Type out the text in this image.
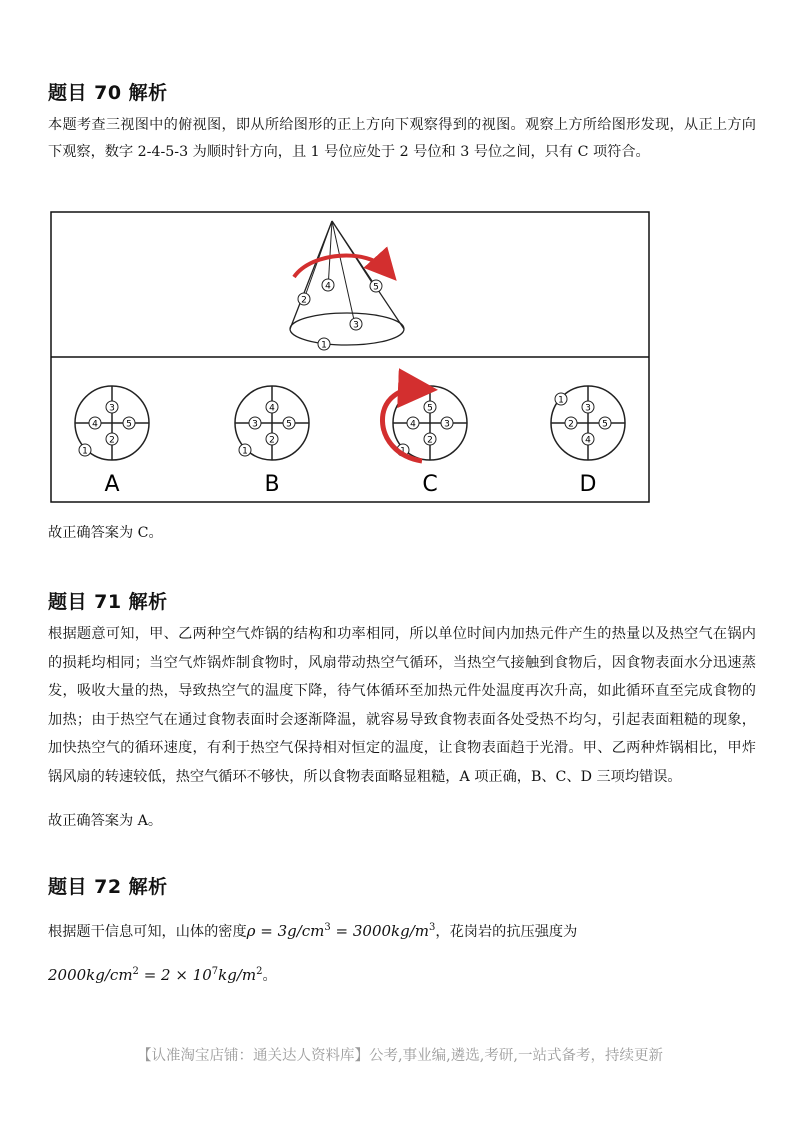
题目 70 解析

本题考查三视图中的俯视图，即从所给图形的正上方向下观察得到的视图。观察上方所给图形发现，从正上方向下观察，数字 2-4-5-3 为顺时针方向，且 1 号位应处于 2 号位和 3 号位之间，只有 C 项符合。

2
4	5
3
1
3
2
4	5
1
A
4
2
3	5
1
B
5
2
4	3
1
C
3
4
2	5
1
D

故正确答案为 C。

题目 71 解析

根据题意可知，甲、乙两种空气炸锅的结构和功率相同，所以单位时间内加热元件产生的热量以及热空气在锅内的损耗均相同；当空气炸锅炸制食物时，风扇带动热空气循环，当热空气接触到食物后，因食物表面水分迅速蒸发，吸收大量的热，导致热空气的温度下降，待气体循环至加热元件处温度再次升高，如此循环直至完成食物的加热；由于热空气在通过食物表面时会逐渐降温，就容易导致食物表面各处受热不均匀，引起表面粗糙的现象，加快热空气的循环速度，有利于热空气保持相对恒定的温度，让食物表面趋于光滑。甲、乙两种炸锅相比，甲炸锅风扇的转速较低，热空气循环不够快，所以食物表面略显粗糙，A 项正确，B、C、D 三项均错误。

故正确答案为 A。

题目 72 解析

根据题干信息可知，山体的密度$\rho = 3g/cm^3 = 3000kg/m^3$，花岗岩的抗压强度为
$2000kg/cm^2 = 2 \times 10^7kg/m^2$。

【认准淘宝店铺：通关达人资料库】公考,事业编,遴选,考研,一站式备考，持续更新
